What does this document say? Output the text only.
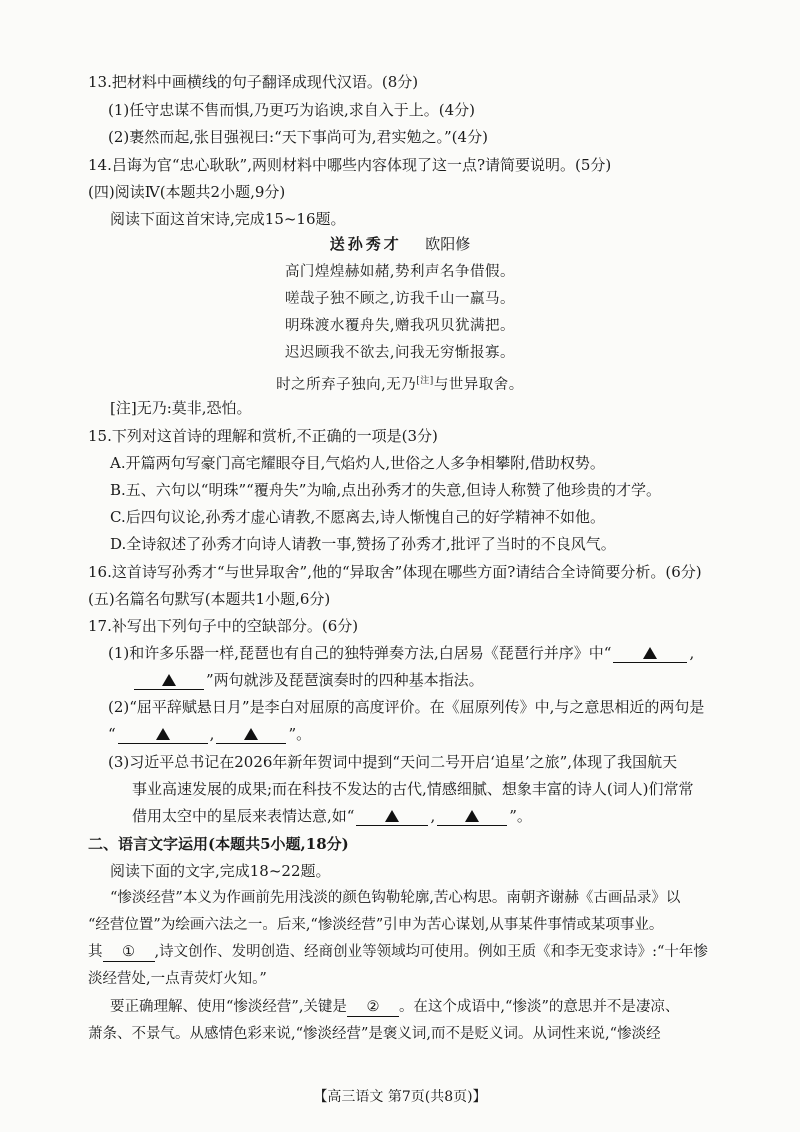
13.把材料中画横线的句子翻译成现代汉语。(8分)
(1)任守忠谋不售而惧,乃更巧为谄谀,求自入于上。(4分)
(2)裹然而起,张目强视曰:“天下事尚可为,君实勉之。”(4分)
14.吕诲为官“忠心耿耿”,两则材料中哪些内容体现了这一点?请简要说明。(5分)
(四)阅读Ⅳ(本题共2小题,9分)
阅读下面这首宋诗,完成15~16题。
送孙秀才 欧阳修
高门煌煌赫如赭,势利声名争借假。
嗟哉子独不顾之,访我千山一羸马。
明珠渡水覆舟失,赠我巩贝犹满把。
迟迟顾我不欲去,问我无穷惭报寡。
时之所弃子独向,无乃[注]与世异取舍。
[注]无乃:莫非,恐怕。
15.下列对这首诗的理解和赏析,不正确的一项是(3分)
A.开篇两句写豪门高宅耀眼夺目,气焰灼人,世俗之人多争相攀附,借助权势。
B.五、六句以“明珠”“覆舟失”为喻,点出孙秀才的失意,但诗人称赞了他珍贵的才学。
C.后四句议论,孙秀才虚心请教,不愿离去,诗人惭愧自己的好学精神不如他。
D.全诗叙述了孙秀才向诗人请教一事,赞扬了孙秀才,批评了当时的不良风气。
16.这首诗写孙秀才“与世异取舍”,他的“异取舍”体现在哪些方面?请结合全诗简要分析。(6分)
(五)名篇名句默写(本题共1小题,6分)
17.补写出下列句子中的空缺部分。(6分)
(1)和许多乐器一样,琵琶也有自己的独特弹奏方法,白居易《琵琶行并序》中“	,
”两句就涉及琵琶演奏时的四种基本指法。
(2)“屈平辞赋悬日月”是李白对屈原的高度评价。在《屈原列传》中,与之意思相近的两句是
“	,	”。
(3)习近平总书记在2026年新年贺词中提到“天问二号开启‘追星’之旅”,体现了我国航天
事业高速发展的成果;而在科技不发达的古代,情感细腻、想象丰富的诗人(词人)们常常
借用太空中的星辰来表情达意,如“	,	”。
二、语言文字运用(本题共5小题,18分)
阅读下面的文字,完成18~22题。
“惨淡经营”本义为作画前先用浅淡的颜色钩勒轮廓,苦心构思。南朝齐谢赫《古画品录》以
“经营位置”为绘画六法之一。后来,“惨淡经营”引申为苦心谋划,从事某件事情或某项事业。
其 ① ,诗文创作、发明创造、经商创业等领域均可使用。例如王质《和李无变求诗》:“十年惨
淡经营处,一点青荧灯火知。”
要正确理解、使用“惨淡经营”,关键是 ② 。在这个成语中,“惨淡”的意思并不是凄凉、
萧条、不景气。从感情色彩来说,“惨淡经营”是褒义词,而不是贬义词。从词性来说,“惨淡经
【高三语文 第7页(共8页)】
